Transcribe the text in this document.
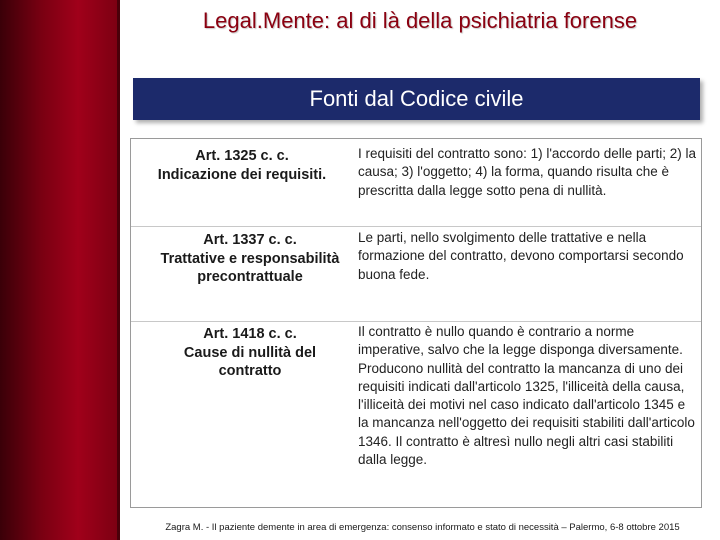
Legal.Mente: al di là della psichiatria forense
Fonti dal Codice civile
Art. 1325 c. c.
Indicazione dei requisiti.
I requisiti del contratto sono: 1) l'accordo delle parti; 2) la causa; 3) l'oggetto; 4) la forma, quando risulta che è prescritta dalla legge sotto pena di nullità.
Art. 1337 c. c.
Trattative e responsabilità precontrattuale
Le parti, nello svolgimento delle trattative e nella formazione del contratto, devono comportarsi secondo buona fede.
Art. 1418 c. c.
Cause di nullità del contratto
Il contratto è nullo quando è contrario a norme imperative, salvo che la legge disponga diversamente. Producono nullità del contratto la mancanza di uno dei requisiti indicati dall'articolo 1325, l'illiceità della causa, l'illiceità dei motivi nel caso indicato dall'articolo 1345 e la mancanza nell'oggetto dei requisiti stabiliti dall'articolo 1346. Il contratto è altresì nullo negli altri casi stabiliti dalla legge.
Zagra M. - Il paziente demente in area di emergenza: consenso informato e stato di necessità – Palermo, 6-8 ottobre 2015
